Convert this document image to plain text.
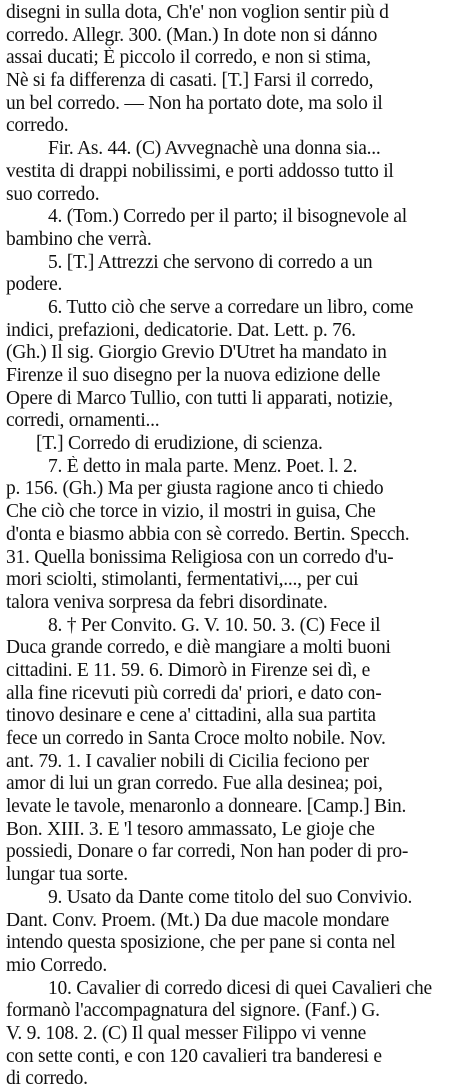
disegni in sulla dota, Ch'e' non voglion sentir più d
corredo. Allegr. 300. (Man.) In dote non si dánno
assai ducati; È piccolo il corredo, e non si stima,
Nè si fa differenza di casati. [T.] Farsi il corredo,
un bel corredo. — Non ha portato dote, ma solo il
corredo.
Fir. As. 44. (C) Avvegnachè una donna sia...
vestita di drappi nobilissimi, e porti addosso tutto il
suo corredo.
4. (Tom.) Corredo per il parto; il bisognevole al
bambino che verrà.
5. [T.] Attrezzi che servono di corredo a un
podere.
6. Tutto ciò che serve a corredare un libro, come
indici, prefazioni, dedicatorie. Dat. Lett. p. 76.
(Gh.) Il sig. Giorgio Grevio D'Utret ha mandato in
Firenze il suo disegno per la nuova edizione delle
Opere di Marco Tullio, con tutti li apparati, notizie,
corredi, ornamenti...
[T.] Corredo di erudizione, di scienza.
7. È detto in mala parte. Menz. Poet. l. 2.
p. 156. (Gh.) Ma per giusta ragione anco ti chiedo
Che ciò che torce in vizio, il mostri in guisa, Che
d'onta e biasmo abbia con sè corredo. Bertin. Specch.
31. Quella bonissima Religiosa con un corredo d'u-
mori sciolti, stimolanti, fermentativi,..., per cui
talora veniva sorpresa da febri disordinate.
8. † Per Convito. G. V. 10. 50. 3. (C) Fece il
Duca grande corredo, e diè mangiare a molti buoni
cittadini. E 11. 59. 6. Dimorò in Firenze sei dì, e
alla fine ricevuti più corredi da' priori, e dato con-
tinovo desinare e cene a' cittadini, alla sua partita
fece un corredo in Santa Croce molto nobile. Nov.
ant. 79. 1. I cavalier nobili di Cicilia feciono per
amor di lui un gran corredo. Fue alla desinea; poi,
levate le tavole, menaronlo a donneare. [Camp.] Bin.
Bon. XIII. 3. E 'l tesoro ammassato, Le gioje che
possiedi, Donare o far corredi, Non han poder di pro-
lungar tua sorte.
9. Usato da Dante come titolo del suo Convivio.
Dant. Conv. Proem. (Mt.) Da due macole mondare
intendo questa sposizione, che per pane si conta nel
mio Corredo.
10. Cavalier di corredo dicesi di quei Cavalieri che
formanò l'accompagnatura del signore. (Fanf.) G.
V. 9. 108. 2. (C) Il qual messer Filippo vi venne
con sette conti, e con 120 cavalieri tra banderesi e
di corredo.
